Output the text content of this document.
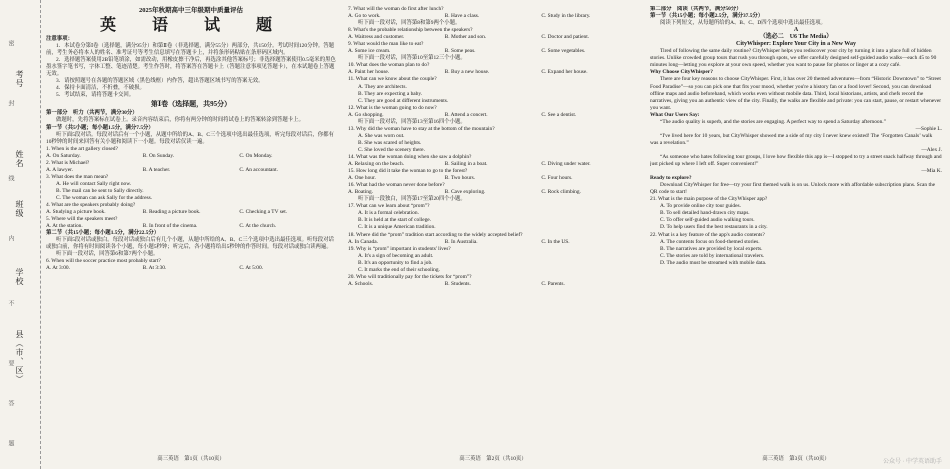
考号
姓名
班级
学校
县（市、区）
密
封
线
内
不
要
答
题

2025年秋期高中三年级期中质量评估

英　语　试　题

注意事项：

1．本试卷分第Ⅰ卷（选择题，满分95分）和第Ⅱ卷（非选择题，满分55分）两部分，共150分。考试时间120分钟。答题前，考生务必将本人的姓名、准考证号等考生信息填写在答题卡上，并将条形码粘贴在条形码区域内。

2．选择题答案使用2B铅笔填涂，如需改动，用橡皮擦干净后，再选涂其他答案标号；非选择题答案使用0.5毫米的黑色墨水签字笔书写，字体工整、笔迹清楚。考生作答时，将答案答在答题卡上（答题注意事项见答题卡），在本试题卷上答题无效。

3．请按照题号在各题的答题区域（黑色线框）内作答，超出答题区域书写的答案无效。

4．保持卡面清洁，不折叠，不破损。

5．考试结束，请将答题卡交回。

第Ⅰ卷（选择题，共95分）

第一部分　听力（共两节，满分30分）

做题时，先将答案标在试卷上。录音内容结束后，你将有两分钟的时间将试卷上的答案转涂到答题卡上。

第一节（共5小题；每小题1.5分，满分7.5分）

听下面5段对话。每段对话后有一个小题，从题中所给的A、B、C三个选项中选出最佳选项，听完每段对话后，你都有10秒钟的时间来回答有关小题和阅读下一小题。每段对话仅读一遍。

1. When is the art gallery closed?

A. On Saturday.	B. On Sunday.	C. On Monday.

2. What is Michael?

A. A lawyer.	B. A teacher.	C. An accountant.

3. What does the man mean?

A. He will contact Sally right now.

B. The mail can be sent to Sally directly.

C. The woman can ask Sally for the address.

4. What are the speakers probably doing?

A. Studying a picture book.	B. Reading a picture book.	C. Checking a TV set.

5. Where will the speakers meet?

A. At the station.	B. In front of the cinema.	C. At the church.

第二节（共15小题；每小题1.5分，满分22.5分）

听下面5段对话或独白。每段对话或独白后有几个小题，从题中所给的A、B、C三个选项中选出最佳选项。听每段对话或独白前，你将有时间阅读各个小题，每小题5秒钟；听完后，各小题将给出5秒钟的作答时间。每段对话或独白读两遍。

听下面一段对话，回答第6和第7两个小题。

6. When will the soccer practice most probably start?

A. At 3:00.	B. At 3:30.	C. At 5:00.
高三英语　第1页（共10页）

7. What will the woman do first after lunch?

A. Go to work.	B. Have a class.	C. Study in the library.

听下面一段对话，回答第8和第9两个小题。

8. What's the probable relationship between the speakers?

A. Waitress and customer.	B. Mother and son.	C. Doctor and patient.

9. What would the man like to eat?

A. Some ice cream.	B. Some peas.	C. Some vegetables.

听下面一段对话，回答第10至第12三个小题。

10. What does the woman plan to do?

A. Paint her house.	B. Buy a new house.	C. Expand her house.

11. What can we know about the couple?

A. They are architects.

B. They are expecting a baby.

C. They are good at different instruments.

12. What is the woman going to do now?

A. Go shopping.	B. Attend a concert.	C. See a dentist.

听下面一段对话，回答第13至第16四个小题。

13. Why did the woman have to stay at the bottom of the mountain?

A. She was worn out.

B. She was scared of heights.

C. She loved the scenery there.

14. What was the woman doing when she saw a dolphin?

A. Relaxing on the beach.	B. Sailing in a boat.	C. Diving under water.

15. How long did it take the woman to go to the forest?

A. One hour.	B. Two hours.	C. Four hours.

16. What had the woman never done before?

A. Boating.	B. Cave exploring.	C. Rock climbing.

听下面一段独白，回答第17至第20四个小题。

17. What can we learn about “prom”?

A. It is a formal celebration.

B. It is held at the start of college.

C. It is a unique American tradition.

18. Where did the “prom” tradition start according to the widely accepted belief?

A. In Canada.	B. In Australia.	C. In the US.

19. Why is “prom” important in students' lives?

A. It's a sign of becoming an adult.

B. It's an opportunity to find a job.

C. It marks the end of their schooling.

20. Who will traditionally pay for the tickets for “prom”?

A. Schools.	B. Students.	C. Parents.
高三英语　第2页（共10页）

第二部分　阅读（共两节，满分50分）

第一节（共15小题；每小题2.5分，满分37.5分）

阅读下列短文，从每题所给的A、B、C、D四个选项中选出最佳选项。

A

（选必二　U6 The Media）

CityWhisper: Explore Your City in a New Way

Tired of following the same daily routine? CityWhisper helps you rediscover your city by turning it into a place full of hidden stories. Unlike crowded group tours that rush you through spots, we offer carefully designed self-guided audio walks—each 45 to 90 minutes long—letting you explore at your own speed, whether you want to pause for photos or linger at a cozy café.

Why Choose CityWhisper?

There are four key reasons to choose CityWhisper. First, it has over 20 themed adventures—from “Historic Downtown” to “Street Food Paradise”—so you can pick one that fits your mood, whether you're a history fan or a food lover! Second, you can download offline maps and audio beforehand, which works even without mobile data. Third, local historians, artists, and chefs record the narratives, giving you an authentic view of the city. Finally, the walks are flexible and private: you can start, pause, or restart whenever you want.

What Our Users Say:

“The audio quality is superb, and the stories are engaging. A perfect way to spend a Saturday afternoon.”

—Sophie L.

“I've lived here for 10 years, but CityWhisper showed me a side of my city I never knew existed! The ‘Forgotten Canals’ walk was a revelation.”

—Alex J.

“As someone who hates following tour groups, I love how flexible this app is—I stopped to try a street snack halfway through and just picked up where I left off. Super convenient!”

—Mia K.

Ready to explore?

Download CityWhisper for free—try your first themed walk is on us. Unlock more with affordable subscription plans. Scan the QR code to start!

21. What is the main purpose of the CityWhisper app?

A. To provide online city tour guides.

B. To sell detailed hand-drawn city maps.

C. To offer self-guided audio walking tours.

D. To help users find the best restaurants in a city.

22. What is a key feature of the app's audio contents?

A. The contents focus on food-themed stories.

B. The narratives are provided by local experts.

C. The stories are told by international travelers.

D. The audio must be streamed with mobile data.

高三英语　第3页（共10页）
公众号 · 中学英语助手
